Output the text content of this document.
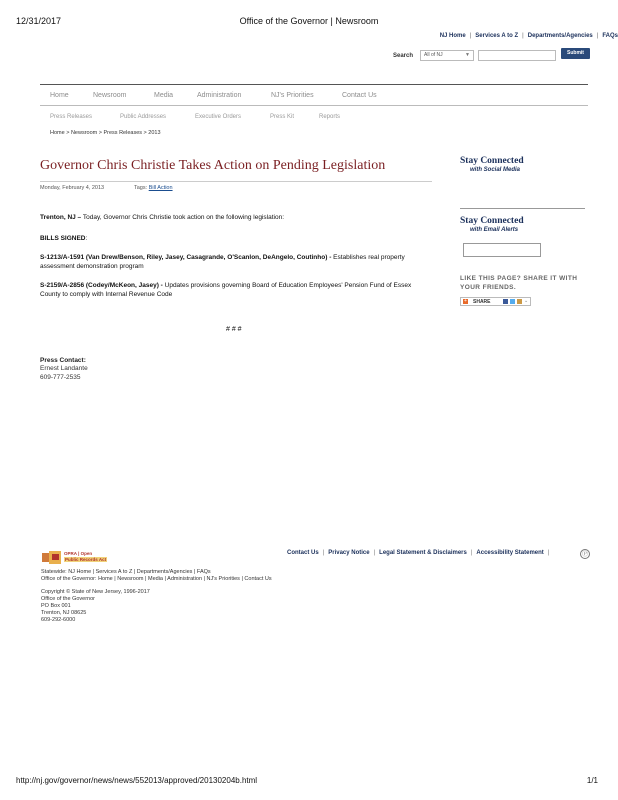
12/31/2017	Office of the Governor | Newsroom
NJ Home | Services A to Z | Departments/Agencies | FAQs
Search	All of NJ	▼	Submit
Home	Newsroom	Media	Administration	NJ's Priorities	Contact Us
Press Releases	Public Addresses	Executive Orders	Press Kit	Reports
Home > Newsroom > Press Releases > 2013
Governor Chris Christie Takes Action on Pending Legislation
Monday, February 4, 2013	Tags: Bill Action
Trenton, NJ – Today, Governor Chris Christie took action on the following legislation:
BILLS SIGNED:
S-1213/A-1591 (Van Drew/Benson, Riley, Jasey, Casagrande, O'Scanlon, DeAngelo, Coutinho) - Establishes real property assessment demonstration program
S-2159/A-2856 (Codey/McKeon, Jasey) - Updates provisions governing Board of Education Employees' Pension Fund of Essex County to comply with Internal Revenue Code
# # #
Press Contact:
Ernest Landante
609-777-2535
Stay Connected
with Social Media
Stay Connected
with Email Alerts
LIKE THIS PAGE? SHARE IT WITH YOUR FRIENDS.
+ SHARE	⌄
OPRA | Open
Public Records Act
Contact Us | Privacy Notice | Legal Statement & Disclaimers | Accessibility Statement |	Ⓟ
Statewide: NJ Home | Services A to Z | Departments/Agencies | FAQs
Office of the Governor: Home | Newsroom | Media | Administration | NJ's Priorities | Contact Us
Copyright © State of New Jersey, 1996-2017
Office of the Governor
PO Box 001
Trenton, NJ 08625
609-292-6000
http://nj.gov/governor/news/news/552013/approved/20130204b.html	1/1
